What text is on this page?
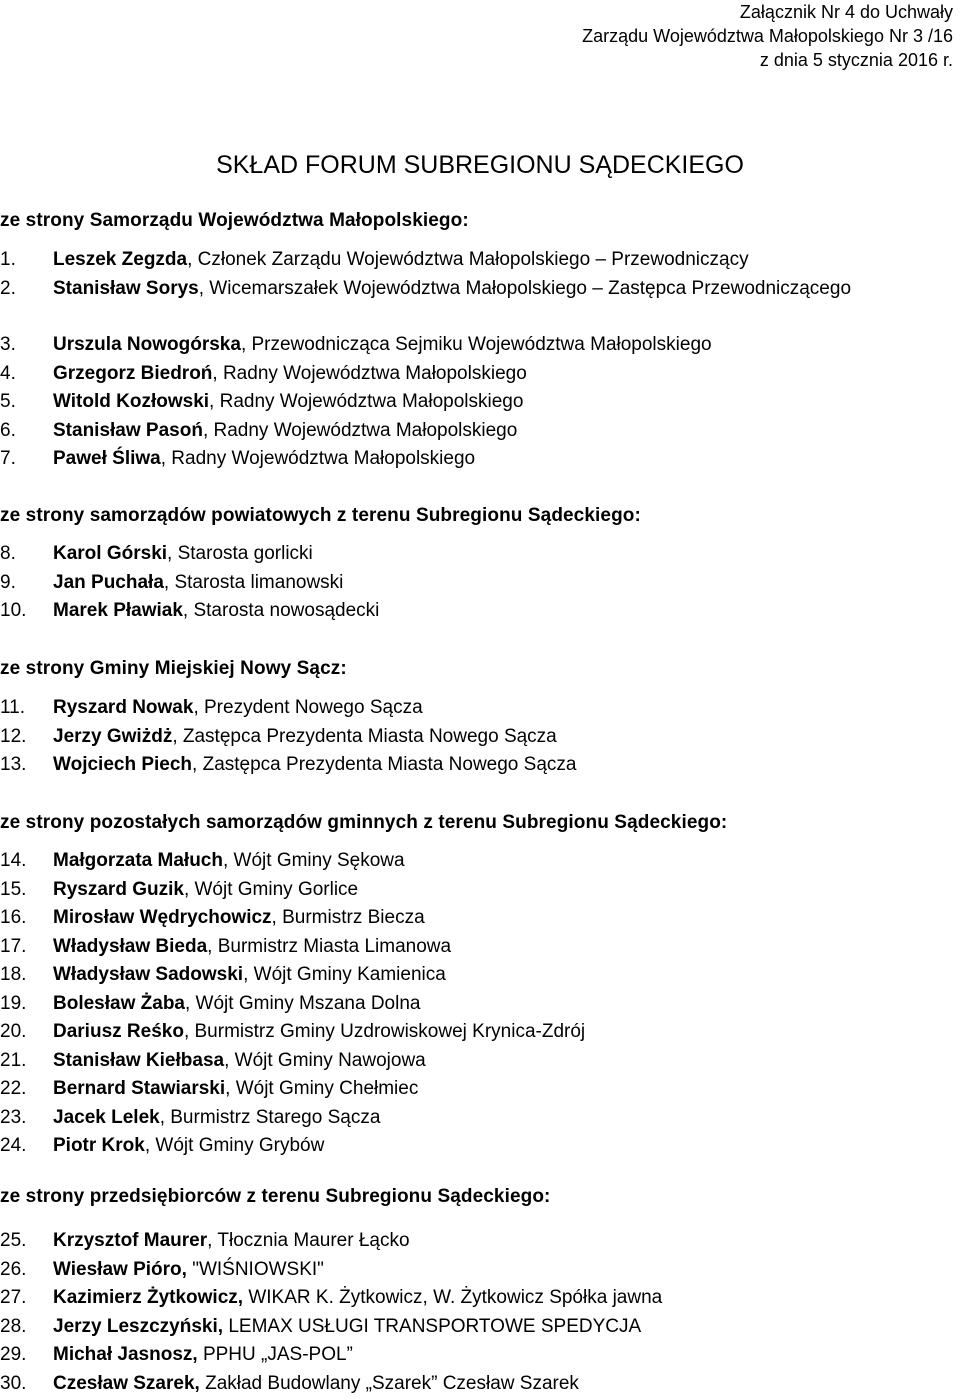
Załącznik Nr 4 do Uchwały
Zarządu Województwa Małopolskiego Nr 3 /16
z dnia 5 stycznia 2016 r.
SKŁAD FORUM SUBREGIONU SĄDECKIEGO
ze strony Samorządu Województwa Małopolskiego:
1. Leszek Zegzda, Członek Zarządu Województwa Małopolskiego – Przewodniczący
2. Stanisław Sorys, Wicemarszałek Województwa Małopolskiego – Zastępca Przewodniczącego
3. Urszula Nowogórska, Przewodnicząca Sejmiku Województwa Małopolskiego
4. Grzegorz Biedroń, Radny Województwa Małopolskiego
5. Witold Kozłowski, Radny Województwa Małopolskiego
6. Stanisław Pasoń, Radny Województwa Małopolskiego
7. Paweł Śliwa, Radny Województwa Małopolskiego
ze strony samorządów powiatowych z terenu Subregionu Sądeckiego:
8. Karol Górski, Starosta gorlicki
9. Jan Puchała, Starosta limanowski
10. Marek Pławiak, Starosta nowosądecki
ze strony Gminy Miejskiej Nowy Sącz:
11. Ryszard Nowak, Prezydent Nowego Sącza
12. Jerzy Gwiżdż, Zastępca Prezydenta Miasta Nowego Sącza
13. Wojciech Piech, Zastępca Prezydenta Miasta Nowego Sącza
ze strony pozostałych samorządów gminnych z terenu Subregionu Sądeckiego:
14. Małgorzata Małuch, Wójt Gminy Sękowa
15. Ryszard Guzik, Wójt Gminy Gorlice
16. Mirosław Wędrychowicz, Burmistrz Biecza
17. Władysław Bieda, Burmistrz Miasta Limanowa
18. Władysław Sadowski, Wójt Gminy Kamienica
19. Bolesław Żaba, Wójt Gminy Mszana Dolna
20. Dariusz Reśko, Burmistrz Gminy Uzdrowiskowej Krynica-Zdrój
21. Stanisław Kiełbasa, Wójt Gminy Nawojowa
22. Bernard Stawiarski, Wójt Gminy Chełmiec
23. Jacek Lelek, Burmistrz Starego Sącza
24. Piotr Krok, Wójt Gminy Grybów
ze strony przedsiębiorców z terenu Subregionu Sądeckiego:
25. Krzysztof Maurer, Tłocznia Maurer Łącko
26. Wiesław Pióro, "WIŚNIOWSKI"
27. Kazimierz Żytkowicz, WIKAR K. Żytkowicz, W. Żytkowicz Spółka jawna
28. Jerzy Leszczyński, LEMAX USŁUGI TRANSPORTOWE SPEDYCJA
29. Michał Jasnosz, PPHU „JAS-POL”
30. Czesław Szarek, Zakład Budowlany „Szarek” Czesław Szarek
